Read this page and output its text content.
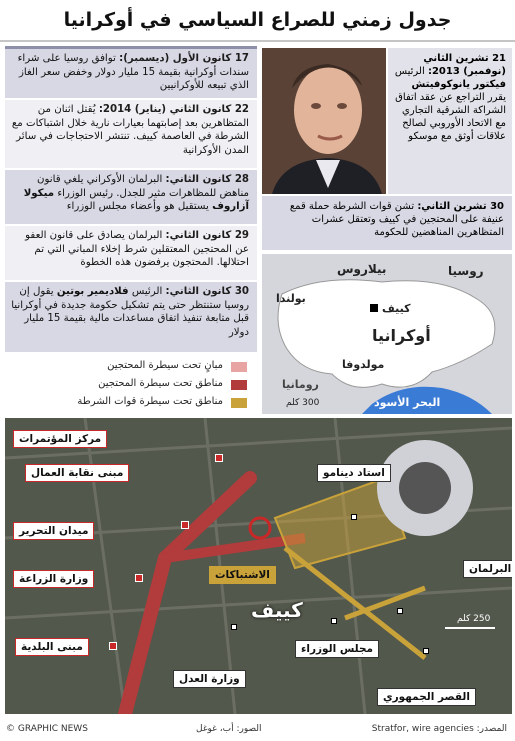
جدول زمني للصراع السياسي في أوكرانيا
17 كانون الأول (ديسمبر): توافق روسيا على شراء سندات أوكرانية بقيمة 15 مليار دولار وخفض سعر الغاز الذي تبيعه للأوكرانيين
22 كانون الثاني (يناير) 2014: يُقتل اثنان من المتظاهرين بعد إصابتهما بعيارات نارية خلال اشتباكات مع الشرطة في العاصمة كييف. تنتشر الاحتجاجات في سائر المدن الأوكرانية
28 كانون الثاني: البرلمان الأوكراني يلغي قانون مناهض للمظاهرات مثير للجدل. رئيس الوزراء ميكولا آزاروف يستقيل هو وأعضاء مجلس الوزراء
29 كانون الثاني: البرلمان يصادق على قانون العفو عن المحتجين المعتقلين شرط إخلاء المباني التي تم احتلالها. المحتجون يرفضون هذه الخطوة
30 كانون الثاني: الرئيس فلاديمير بوتين يقول إن روسيا ستنتظر حتى يتم تشكيل حكومة جديدة في أوكرانيا قبل متابعة تنفيذ اتفاق مساعدات مالية بقيمة 15 مليار دولار
21 تشرين الثاني (نوفمبر) 2013: الرئيس فيكتور يانوكوفيتش يقرر التراجع عن عقد اتفاق الشراكة الشرقية التجاري مع الاتحاد الأوروبي لصالح علاقات أوثق مع موسكو
30 تشرين الثاني: تشن قوات الشرطة حملة قمع عنيفة على المحتجين في كييف وتعتقل عشرات المتظاهرين المناهضين للحكومة
بيلاروس	روسيا
بولندا
أوكرانيا
كييف
مولدوفا
رومانيا
البحر الأسود
300 كلم
مبانٍ تحت سيطرة المحتجين
مناطق تحت سيطرة المحتجين
مناطق تحت سيطرة قوات الشرطة
مركز المؤتمرات
مبنى نقابة العمال
ميدان التحرير
وزارة الزراعة
مبنى البلدية
استاد دينامو
الاشتباكات	البرلمان
كييف
مجلس الوزراء
وزارة العدل
القصر الجمهوري
250 كلم
© GRAPHIC NEWS	الصور: أب، غوغل	المصدر: Stratfor, wire agencies
